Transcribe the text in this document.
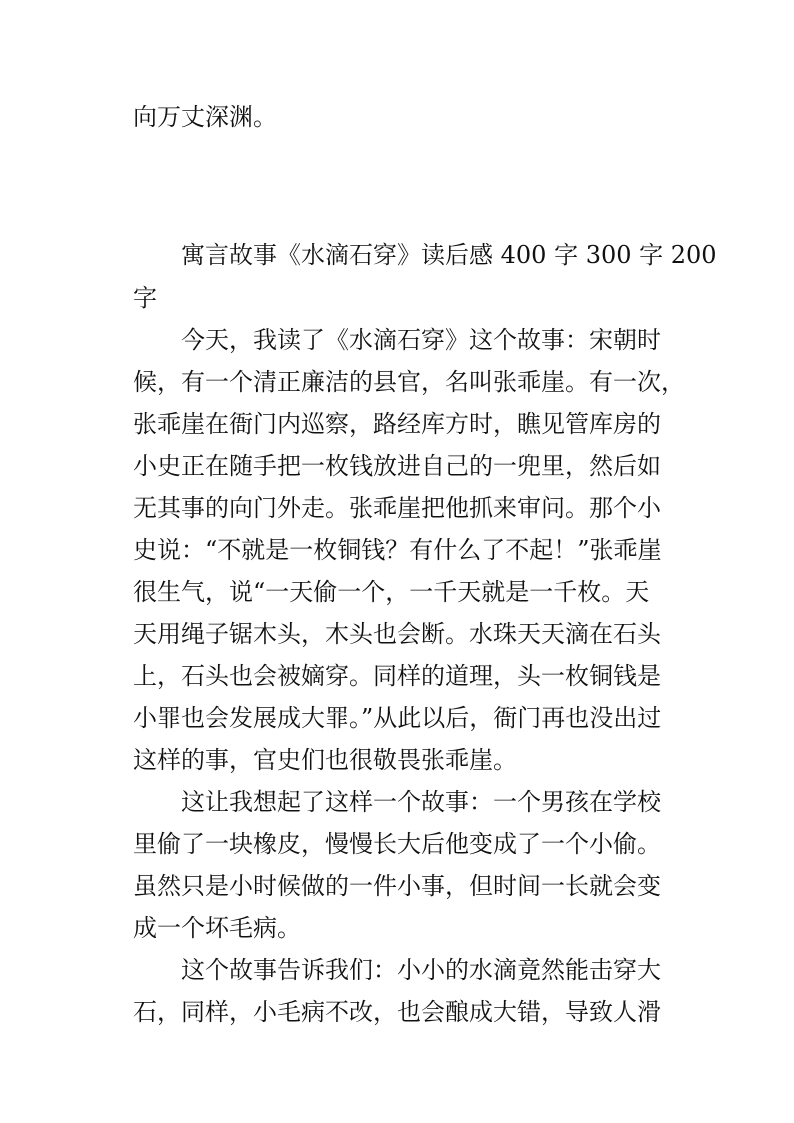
向万丈深渊。

寓言故事《水滴石穿》读后感 400 字 300 字 200

字

今天，我读了《水滴石穿》这个故事：宋朝时

候，有一个清正廉洁的县官，名叫张乖崖。有一次，

张乖崖在衙门内巡察，路经库方时，瞧见管库房的

小史正在随手把一枚钱放进自己的一兜里，然后如

无其事的向门外走。张乖崖把他抓来审问。那个小

史说：“不就是一枚铜钱？有什么了不起！”张乖崖

很生气，说“一天偷一个，一千天就是一千枚。天

天用绳子锯木头，木头也会断。水珠天天滴在石头

上，石头也会被嫡穿。同样的道理，头一枚铜钱是

小罪也会发展成大罪。”从此以后，衙门再也没出过

这样的事，官史们也很敬畏张乖崖。

这让我想起了这样一个故事：一个男孩在学校

里偷了一块橡皮，慢慢长大后他变成了一个小偷。

虽然只是小时候做的一件小事，但时间一长就会变

成一个坏毛病。

这个故事告诉我们：小小的水滴竟然能击穿大

石，同样，小毛病不改，也会酿成大错，导致人滑
